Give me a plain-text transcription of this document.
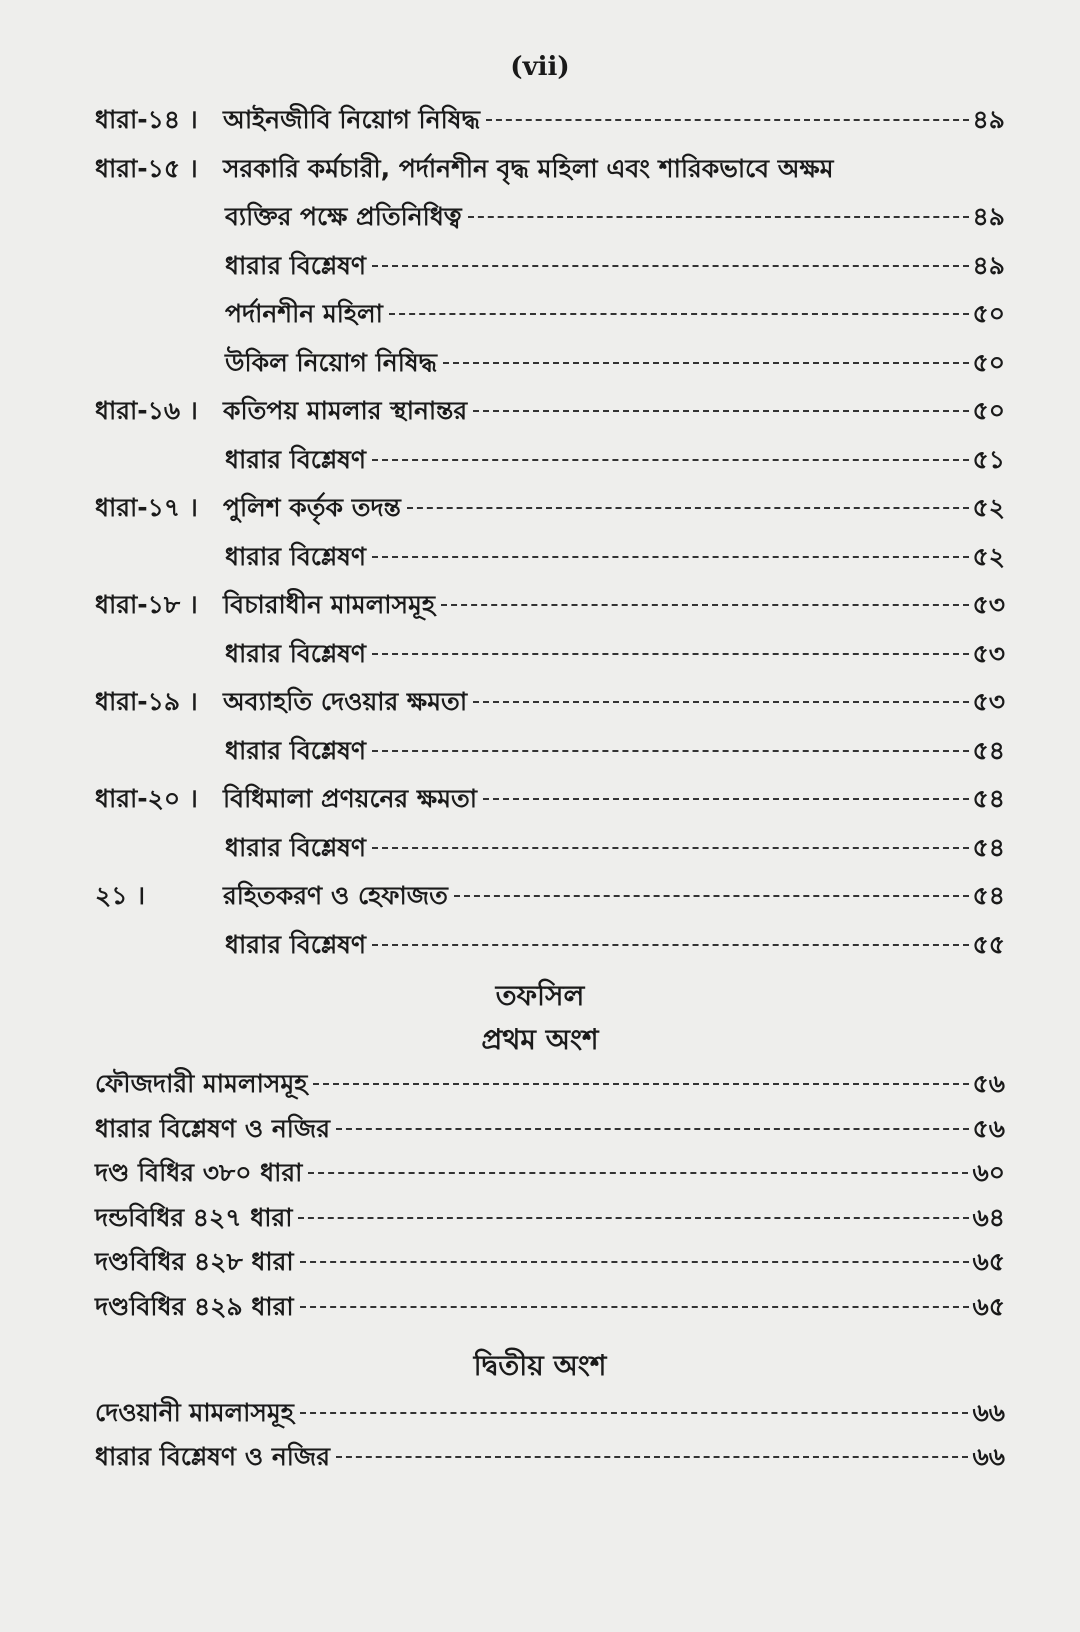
(vii)
ধারা-১৪ ।	আইনজীবি নিয়োগ নিষিদ্ধ	৪৯
ধারা-১৫ ।	সরকারি কর্মচারী, পর্দানশীন বৃদ্ধ মহিলা এবং শারিকভাবে অক্ষম
ব্যক্তির পক্ষে প্রতিনিধিত্ব	৪৯
ধারার বিশ্লেষণ	৪৯
পর্দানশীন মহিলা	৫০
উকিল নিয়োগ নিষিদ্ধ	৫০
ধারা-১৬ ।	কতিপয় মামলার স্থানান্তর	৫০
ধারার বিশ্লেষণ	৫১
ধারা-১৭ ।	পুলিশ কর্তৃক তদন্ত	৫২
ধারার বিশ্লেষণ	৫২
ধারা-১৮ ।	বিচারাধীন মামলাসমূহ	৫৩
ধারার বিশ্লেষণ	৫৩
ধারা-১৯ ।	অব্যাহতি দেওয়ার ক্ষমতা	৫৩
ধারার বিশ্লেষণ	৫৪
ধারা-২০ ।	বিধিমালা প্রণয়নের ক্ষমতা	৫৪
ধারার বিশ্লেষণ	৫৪
২১ ।	রহিতকরণ ও হেফাজত	৫৪
ধারার বিশ্লেষণ	৫৫
তফসিল
প্রথম অংশ
ফৌজদারী মামলাসমূহ	৫৬
ধারার বিশ্লেষণ ও নজির	৫৬
দণ্ড বিধির ৩৮০ ধারা	৬০
দন্ডবিধির ৪২৭ ধারা	৬৪
দণ্ডবিধির ৪২৮ ধারা	৬৫
দণ্ডবিধির ৪২৯ ধারা	৬৫
দ্বিতীয় অংশ
দেওয়ানী মামলাসমূহ	৬৬
ধারার বিশ্লেষণ ও নজির	৬৬
